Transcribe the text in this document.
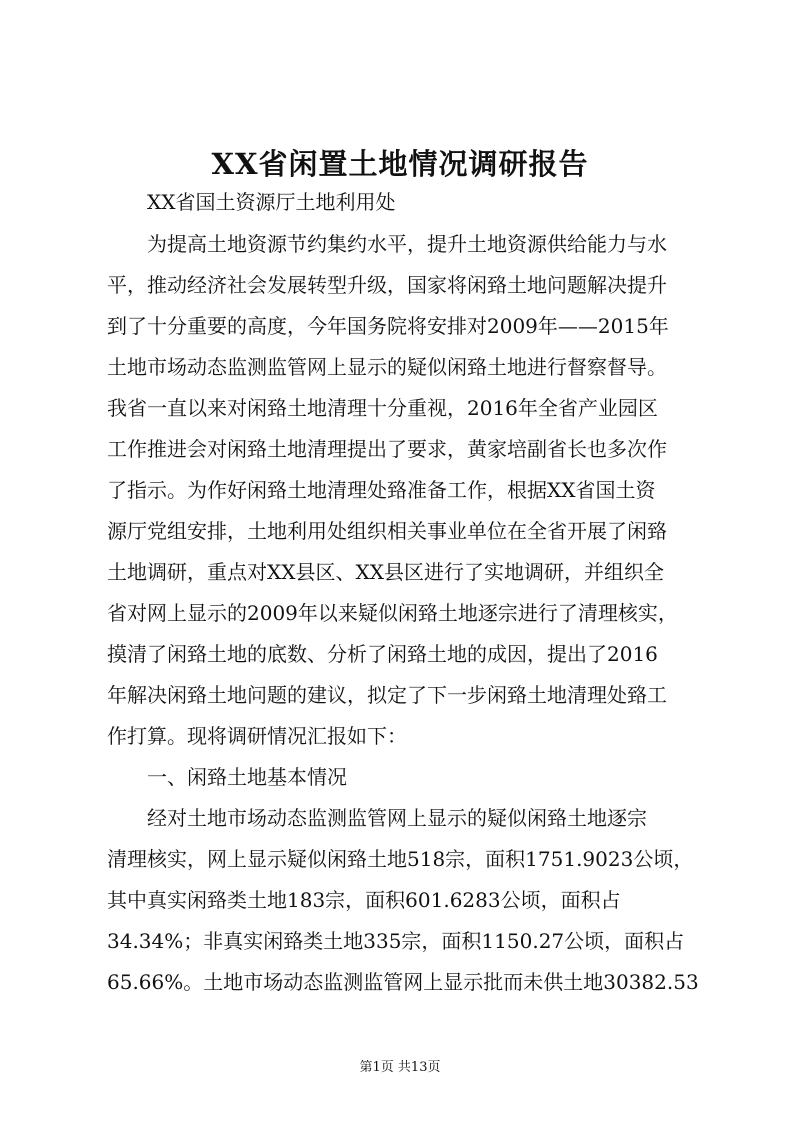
XX省闲置土地情况调研报告
XX省国土资源厅土地利用处
为提高土地资源节约集约水平，提升土地资源供给能力与水
平，推动经济社会发展转型升级，国家将闲臵土地问题解决提升
到了十分重要的高度，今年国务院将安排对2009年——2015年
土地市场动态监测监管网上显示的疑似闲臵土地进行督察督导。
我省一直以来对闲臵土地清理十分重视，2016年全省产业园区
工作推进会对闲臵土地清理提出了要求，黄家培副省长也多次作
了指示。为作好闲臵土地清理处臵准备工作，根据XX省国土资
源厅党组安排，土地利用处组织相关事业单位在全省开展了闲臵
土地调研，重点对XX县区、XX县区进行了实地调研，并组织全
省对网上显示的2009年以来疑似闲臵土地逐宗进行了清理核实，
摸清了闲臵土地的底数、分析了闲臵土地的成因，提出了2016
年解决闲臵土地问题的建议，拟定了下一步闲臵土地清理处臵工
作打算。现将调研情况汇报如下：
一、闲臵土地基本情况
经对土地市场动态监测监管网上显示的疑似闲臵土地逐宗
清理核实，网上显示疑似闲臵土地518宗，面积1751.9023公顷，
其中真实闲臵类土地183宗，面积601.6283公顷，面积占
34.34%；非真实闲臵类土地335宗，面积1150.27公顷，面积占
65.66%。土地市场动态监测监管网上显示批而未供土地30382.53
第1页 共13页
